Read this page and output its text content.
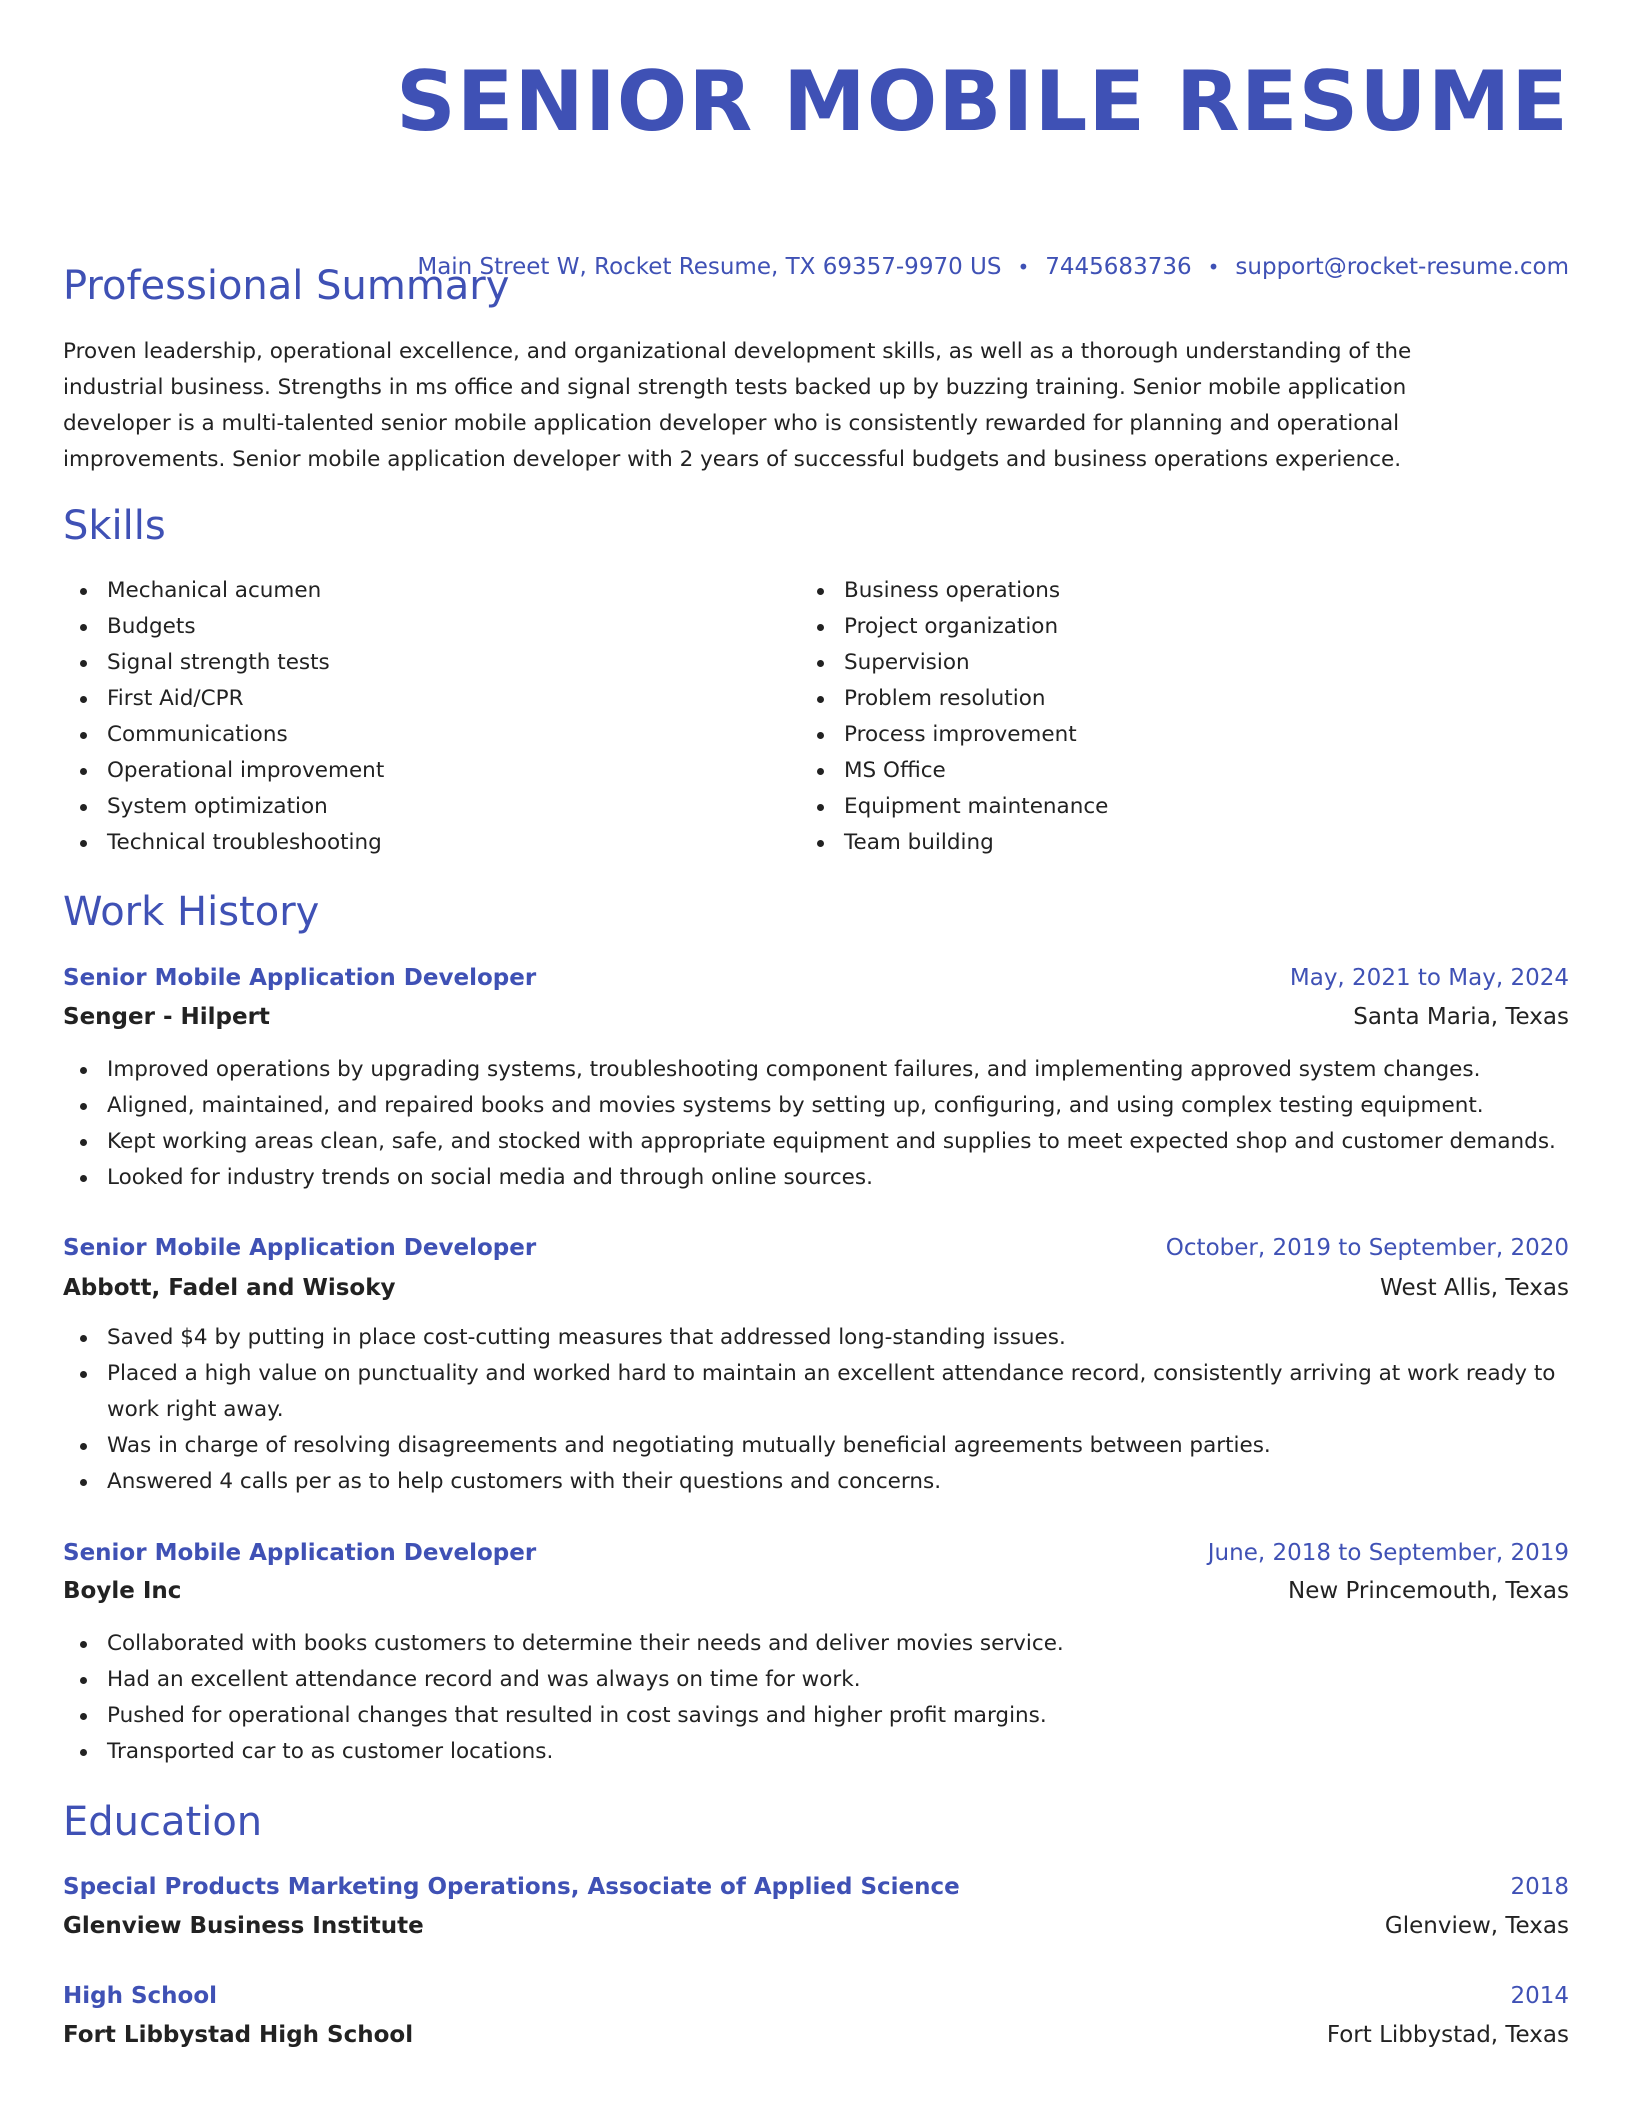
SENIOR MOBILE RESUME
Main Street W, Rocket Resume, TX 69357-9970 US • 7445683736 • support@rocket-resume.com
Professional Summary

Proven leadership, operational excellence, and organizational development skills, as well as a thorough understanding of the industrial business. Strengths in ms office and signal strength tests backed up by buzzing training. Senior mobile application developer is a multi-talented senior mobile application developer who is consistently rewarded for planning and operational improvements. Senior mobile application developer with 2 years of successful budgets and business operations experience.

Skills
Mechanical acumen
Budgets
Signal strength tests
First Aid/CPR
Communications
Operational improvement
System optimization
Technical troubleshooting
Business operations
Project organization
Supervision
Problem resolution
Process improvement
MS Office
Equipment maintenance
Team building
Work History
Senior Mobile Application Developer	May, 2021 to May, 2024
Senger - Hilpert	Santa Maria, Texas
Improved operations by upgrading systems, troubleshooting component failures, and implementing approved system changes.
Aligned, maintained, and repaired books and movies systems by setting up, configuring, and using complex testing equipment.
Kept working areas clean, safe, and stocked with appropriate equipment and supplies to meet expected shop and customer demands.
Looked for industry trends on social media and through online sources.
Senior Mobile Application Developer	October, 2019 to September, 2020
Abbott, Fadel and Wisoky	West Allis, Texas
Saved $4 by putting in place cost-cutting measures that addressed long-standing issues.
Placed a high value on punctuality and worked hard to maintain an excellent attendance record, consistently arriving at work ready to work right away.
Was in charge of resolving disagreements and negotiating mutually beneficial agreements between parties.
Answered 4 calls per as to help customers with their questions and concerns.
Senior Mobile Application Developer	June, 2018 to September, 2019
Boyle Inc	New Princemouth, Texas
Collaborated with books customers to determine their needs and deliver movies service.
Had an excellent attendance record and was always on time for work.
Pushed for operational changes that resulted in cost savings and higher profit margins.
Transported car to as customer locations.
Education
Special Products Marketing Operations, Associate of Applied Science	2018
Glenview Business Institute	Glenview, Texas
High School	2014
Fort Libbystad High School	Fort Libbystad, Texas
